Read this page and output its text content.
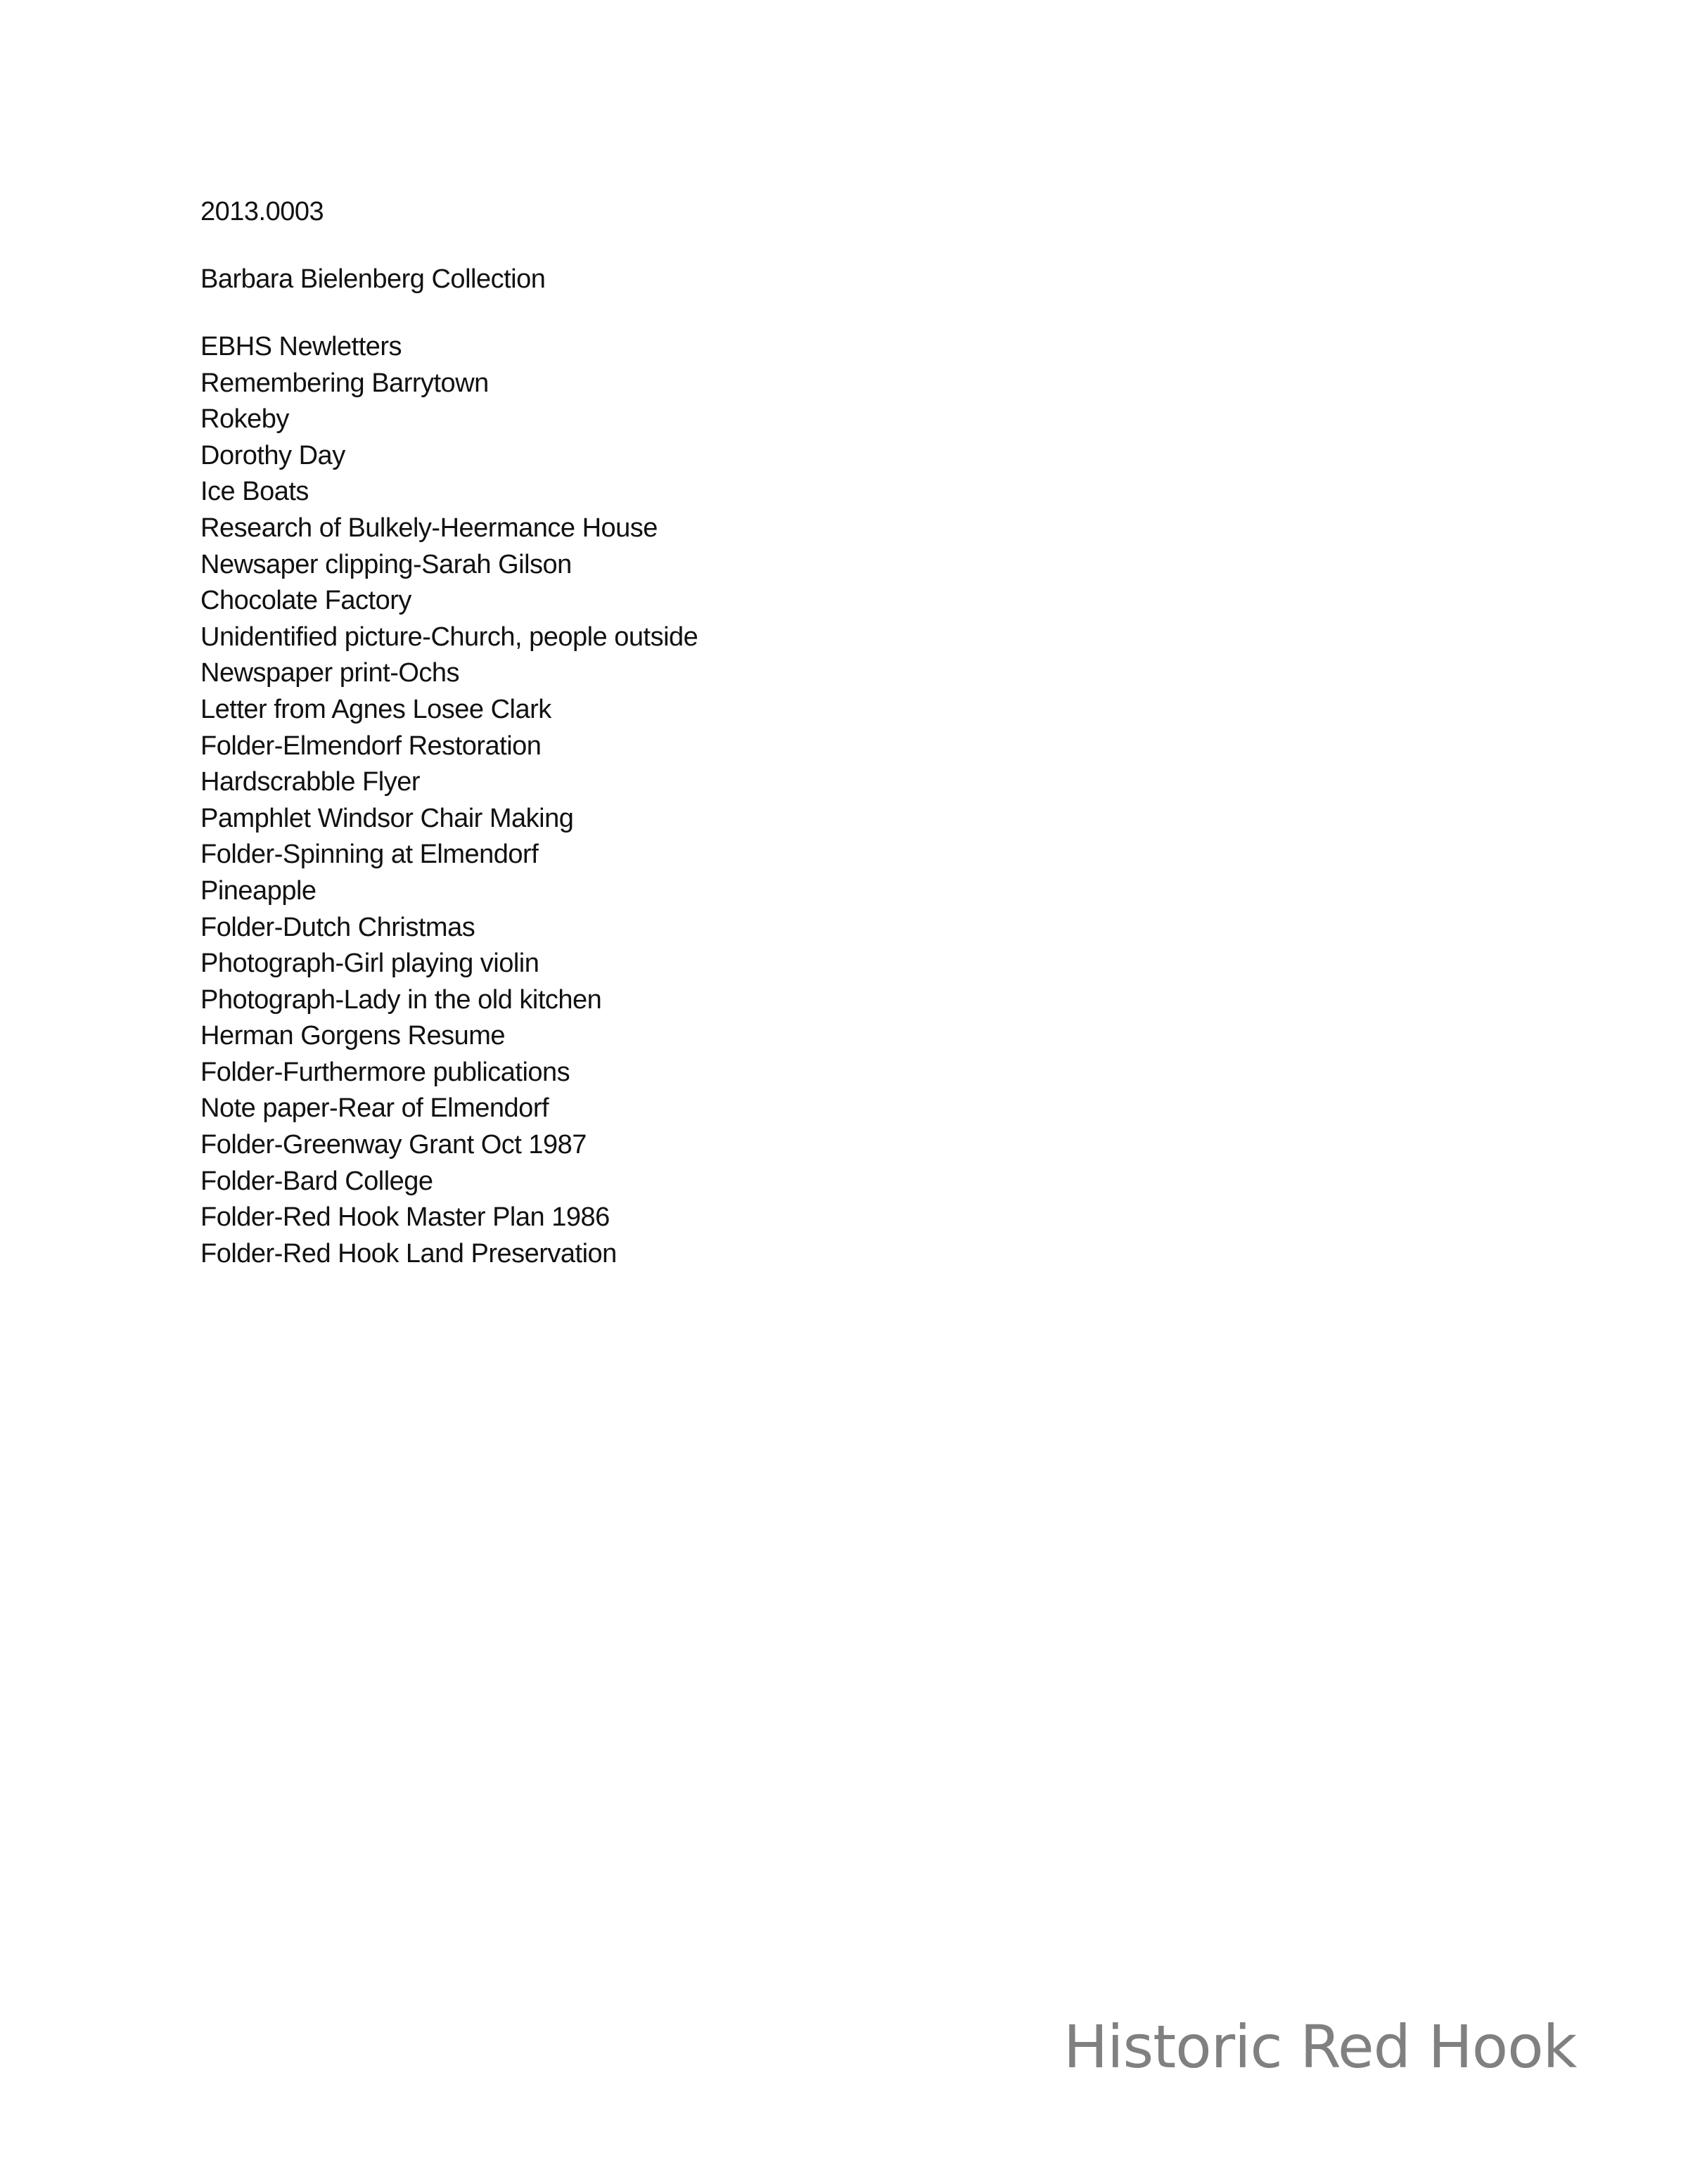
2013.0003
Barbara Bielenberg Collection
EBHS Newletters
Remembering Barrytown
Rokeby
Dorothy Day
Ice Boats
Research of Bulkely-Heermance House
Newsaper clipping-Sarah Gilson
Chocolate Factory
Unidentified picture-Church, people outside
Newspaper print-Ochs
Letter from Agnes Losee Clark
Folder-Elmendorf Restoration
Hardscrabble Flyer
Pamphlet Windsor Chair Making
Folder-Spinning at Elmendorf
Pineapple
Folder-Dutch Christmas
Photograph-Girl playing violin
Photograph-Lady in the old kitchen
Herman Gorgens Resume
Folder-Furthermore publications
Note paper-Rear of Elmendorf
Folder-Greenway Grant Oct 1987
Folder-Bard College
Folder-Red Hook Master Plan 1986
Folder-Red Hook Land Preservation
Historic Red Hook
